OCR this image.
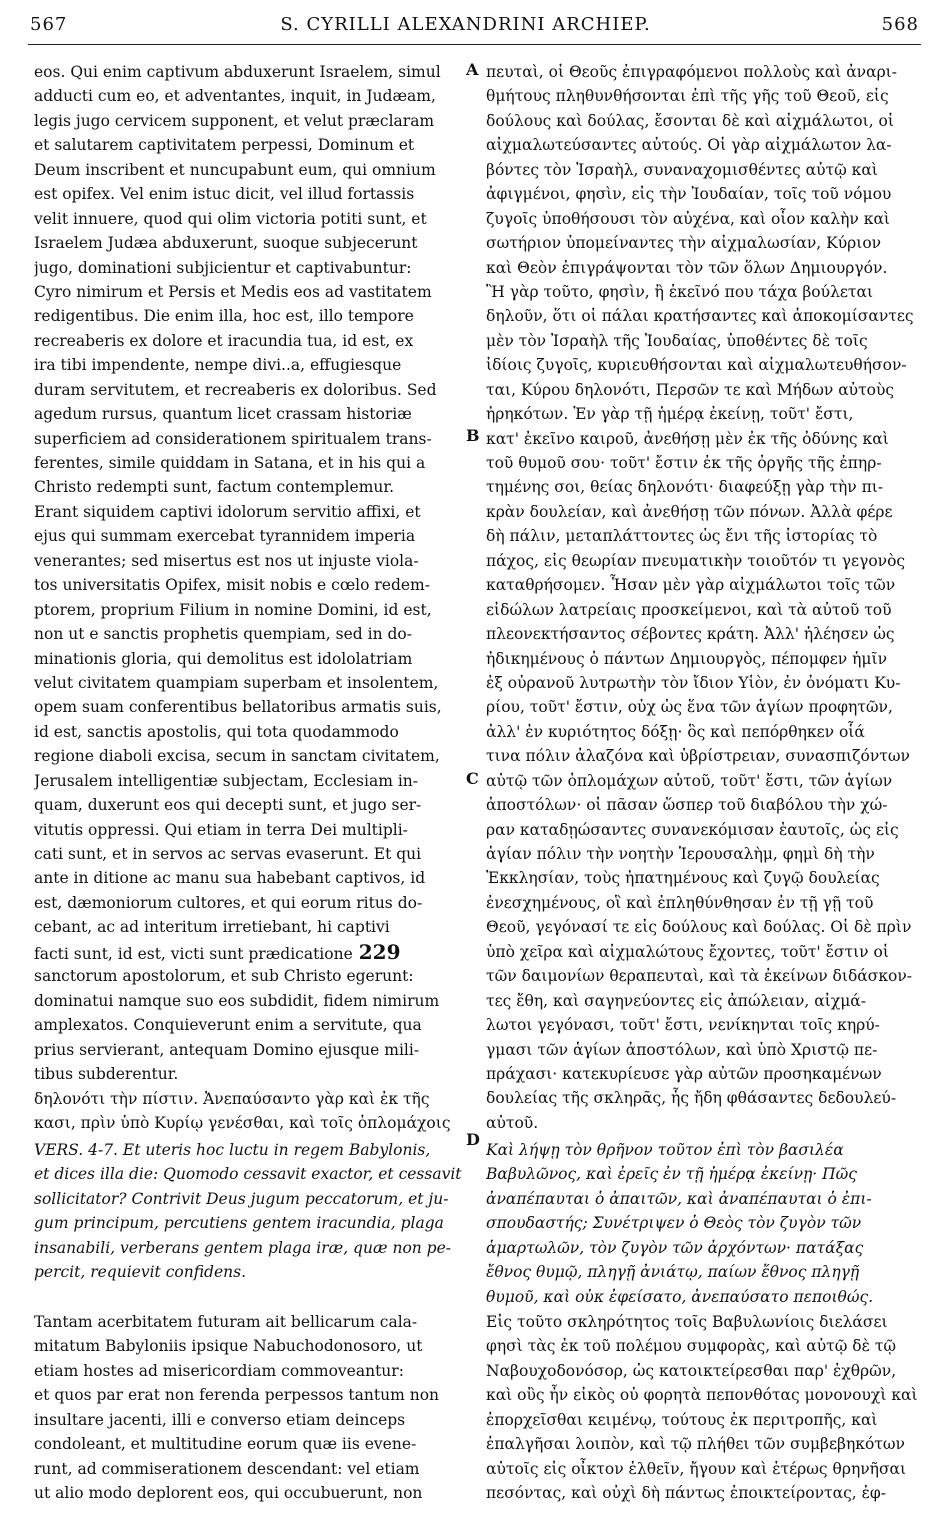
567	S. CYRILLI ALEXANDRINI ARCHIEP.	568
eos. Qui enim captivum abduxerunt Israelem, simul
adducti cum eo, et adventantes, inquit, in Judæam,
legis jugo cervicem supponent, et velut præclaram
et salutarem captivitatem perpessi, Dominum et
Deum inscribent et nuncupabunt eum, qui omnium
est opifex. Vel enim istuc dicit, vel illud fortassis
velit innuere, quod qui olim victoria potiti sunt, et
Israelem Judæa abduxerunt, suoque subjecerunt
jugo, dominationi subjicientur et captivabuntur:
Cyro nimirum et Persis et Medis eos ad vastitatem
redigentibus. Die enim illa, hoc est, illo tempore
recreaberis ex dolore et iracundia tua, id est, ex
ira tibi impendente, nempe divi..a, effugiesque
duram servitutem, et recreaberis ex doloribus. Sed
agedum rursus, quantum licet crassam historiæ
superficiem ad considerationem spiritualem trans-
ferentes, simile quiddam in Satana, et in his qui a
Christo redempti sunt, factum contemplemur.
Erant siquidem captivi idolorum servitio affixi, et
ejus qui summam exercebat tyrannidem imperia
venerantes; sed misertus est nos ut injuste viola-
tos universitatis Opifex, misit nobis e cœlo redem-
ptorem, proprium Filium in nomine Domini, id est,
non ut e sanctis prophetis quempiam, sed in do-
minationis gloria, qui demolitus est idololatriam
velut civitatem quampiam superbam et insolentem,
opem suam conferentibus bellatoribus armatis suis,
id est, sanctis apostolis, qui tota quodammodo
regione diaboli excisa, secum in sanctam civitatem,
Jerusalem intelligentiæ subjectam, Ecclesiam in-
quam, duxerunt eos qui decepti sunt, et jugo ser-
vitutis oppressi. Qui etiam in terra Dei multipli-
cati sunt, et in servos ac servas evaserunt. Et qui
ante in ditione ac manu sua habebant captivos, id
est, dæmoniorum cultores, et qui eorum ritus do-
cebant, ac ad interitum irretiebant, hi captivi
facti sunt, id est, victi sunt prædicatione 229
sanctorum apostolorum, et sub Christo egerunt:
dominatui namque suo eos subdidit, fidem nimirum
amplexatos. Conquieverunt enim a servitute, qua
prius servierant, antequam Domino ejusque mili-
tibus subderentur.
πευταὶ, οἱ Θεοῦς ἐπιγραφόμενοι πολλοὺς καὶ ἀναρι-
θμήτους πληθυνθήσονται ἐπὶ τῆς γῆς τοῦ Θεοῦ, εἰς
δούλους καὶ δούλας, ἔσονται δὲ καὶ αἰχμάλωτοι, οἱ
αἰχμαλωτεύσαντες αὐτούς. Οἱ γὰρ αἰχμάλωτον λα-
βόντες τὸν Ἰσραὴλ, συναναχομισθέντες αὐτῷ καὶ
ἀφιγμένοι, φησὶν, εἰς τὴν Ἰουδαίαν, τοῖς τοῦ νόμου
ζυγοῖς ὑποθήσουσι τὸν αὐχένα, καὶ οἷον καλὴν καὶ
σωτήριον ὑπομείναντες τὴν αἰχμαλωσίαν, Κύριον
καὶ Θεὸν ἐπιγράψονται τὸν τῶν ὅλων Δημιουργόν.
Ἢ γὰρ τοῦτο, φησὶν, ἢ ἐκεῖνό που τάχα βούλεται
δηλοῦν, ὅτι οἱ πάλαι κρατήσαντες καὶ ἀποκομίσαντες
μὲν τὸν Ἰσραὴλ τῆς Ἰουδαίας, ὑποθέντες δὲ τοῖς
ἰδίοις ζυγοῖς, κυριευθήσονται καὶ αἰχμαλωτευθήσον-
ται, Κύρου δηλονότι, Περσῶν τε καὶ Μήδων αὐτοὺς
ἠρηκότων. Ἐν γὰρ τῇ ἡμέρᾳ ἐκείνῃ, τοῦτ' ἔστι,
κατ' ἐκεῖνο καιροῦ, ἀνεθήσῃ μὲν ἐκ τῆς ὀδύνης καὶ
τοῦ θυμοῦ σου· τοῦτ' ἔστιν ἐκ τῆς ὀργῆς τῆς ἐπηρ-
τημένης σοι, θείας δηλονότι· διαφεύξῃ γὰρ τὴν πι-
κρὰν δουλείαν, καὶ ἀνεθήσῃ τῶν πόνων. Ἀλλὰ φέρε
δὴ πάλιν, μεταπλάττοντες ὡς ἔνι τῆς ἱστορίας τὸ
πάχος, εἰς θεωρίαν πνευματικὴν τοιοῦτόν τι γεγονὸς
καταθρήσομεν. Ἦσαν μὲν γὰρ αἰχμάλωτοι τοῖς τῶν
εἰδώλων λατρείαις προσκείμενοι, καὶ τὰ αὐτοῦ τοῦ
πλεονεκτήσαντος σέβοντες κράτη. Ἀλλ' ἠλέησεν ὡς
ἠδικημένους ὁ πάντων Δημιουργὸς, πέπομφεν ἡμῖν
ἐξ οὐρανοῦ λυτρωτὴν τὸν ἴδιον Υἱὸν, ἐν ὀνόματι Κυ-
ρίου, τοῦτ' ἔστιν, οὐχ ὡς ἕνα τῶν ἁγίων προφητῶν,
ἀλλ' ἐν κυριότητος δόξῃ· ὃς καὶ πεπόρθηκεν οἷά
τινα πόλιν ἀλαζόνα καὶ ὑβρίστρειαν, συνασπιζόντων
αὐτῷ τῶν ὁπλομάχων αὐτοῦ, τοῦτ' ἔστι, τῶν ἁγίων
ἀποστόλων· οἱ πᾶσαν ὥσπερ τοῦ διαβόλου τὴν χώ-
ραν καταδῃώσαντες συνανεκόμισαν ἑαυτοῖς, ὡς εἰς
ἁγίαν πόλιν τὴν νοητὴν Ἱερουσαλὴμ, φημὶ δὴ τὴν
Ἐκκλησίαν, τοὺς ἠπατημένους καὶ ζυγῷ δουλείας
ἐνεσχημένους, οἳ καὶ ἐπληθύνθησαν ἐν τῇ γῇ τοῦ
Θεοῦ, γεγόνασί τε εἰς δούλους καὶ δούλας. Οἱ δὲ πρὶν
ὑπὸ χεῖρα καὶ αἰχμαλώτους ἔχοντες, τοῦτ' ἔστιν οἱ
τῶν δαιμονίων θεραπευταὶ, καὶ τὰ ἐκείνων διδάσκον-
τες ἔθη, καὶ σαγηνεύοντες εἰς ἀπώλειαν, αἰχμά-
λωτοι γεγόνασι, τοῦτ' ἔστι, νενίκηνται τοῖς κηρύ-
γμασι τῶν ἁγίων ἀποστόλων, καὶ ὑπὸ Χριστῷ πε-
πράχασι· κατεκυρίευσε γὰρ αὐτῶν προσηκαμένων
δουλείας τῆς σκληρᾶς, ἧς ἤδη φθάσαντες δεδουλεύ-
A
B
C
D
δηλονότι τὴν πίστιν. Ἀνεπαύσαντο γὰρ καὶ ἐκ τῆς
κασι, πρὶν ὑπὸ Κυρίῳ γενέσθαι, καὶ τοῖς ὁπλομάχοις
VERS. 4-7. Et uteris hoc luctu in regem Babylonis,
et dices illa die: Quomodo cessavit exactor, et cessavit
sollicitator? Contrivit Deus jugum peccatorum, et ju-
gum principum, percutiens gentem iracundia, plaga
insanabili, verberans gentem plaga iræ, quæ non pe-
percit, requievit confidens.
Tantam acerbitatem futuram ait bellicarum cala-
mitatum Babyloniis ipsique Nabuchodonosoro, ut
etiam hostes ad misericordiam commoveantur:
et quos par erat non ferenda perpessos tantum non
insultare jacenti, illi e converso etiam deinceps
condoleant, et multitudine eorum quæ iis evene-
runt, ad commiserationem descendant: vel etiam
ut alio modo deplorent eos, qui occubuerunt, non
Καὶ λήψῃ τὸν θρῆνον τοῦτον ἐπὶ τὸν βασιλέα
Βαβυλῶνος, καὶ ἐρεῖς ἐν τῇ ἡμέρᾳ ἐκείνῃ· Πῶς
ἀναπέπαυται ὁ ἀπαιτῶν, καὶ ἀναπέπαυται ὁ ἐπι-
σπουδαστής; Συνέτριψεν ὁ Θεὸς τὸν ζυγὸν τῶν
ἁμαρτωλῶν, τὸν ζυγὸν τῶν ἀρχόντων· πατάξας
ἔθνος θυμῷ, πληγῇ ἀνιάτῳ, παίων ἔθνος πληγῇ
θυμοῦ, καὶ οὐκ ἐφείσατο, ἀνεπαύσατο πεποιθώς.
Εἰς τοῦτο σκληρότητος τοῖς Βαβυλωνίοις διελάσει
φησὶ τὰς ἐκ τοῦ πολέμου συμφορὰς, καὶ αὐτῷ δὲ τῷ
Ναβουχοδονόσορ, ὡς κατοικτείρεσθαι παρ' ἐχθρῶν,
καὶ οὓς ἦν εἰκὸς οὐ φορητὰ πεπονθότας μονονουχὶ καὶ
ἐπορχεῖσθαι κειμένῳ, τούτους ἐκ περιτροπῆς, καὶ
ἐπαλγῆσαι λοιπὸν, καὶ τῷ πλήθει τῶν συμβεβηκότων
αὐτοῖς εἰς οἶκτον ἐλθεῖν, ἤγουν καὶ ἑτέρως θρηνῆσαι
πεσόντας, καὶ οὐχὶ δὴ πάντως ἐποικτείροντας, ἐφ-
αὐτοῦ.
